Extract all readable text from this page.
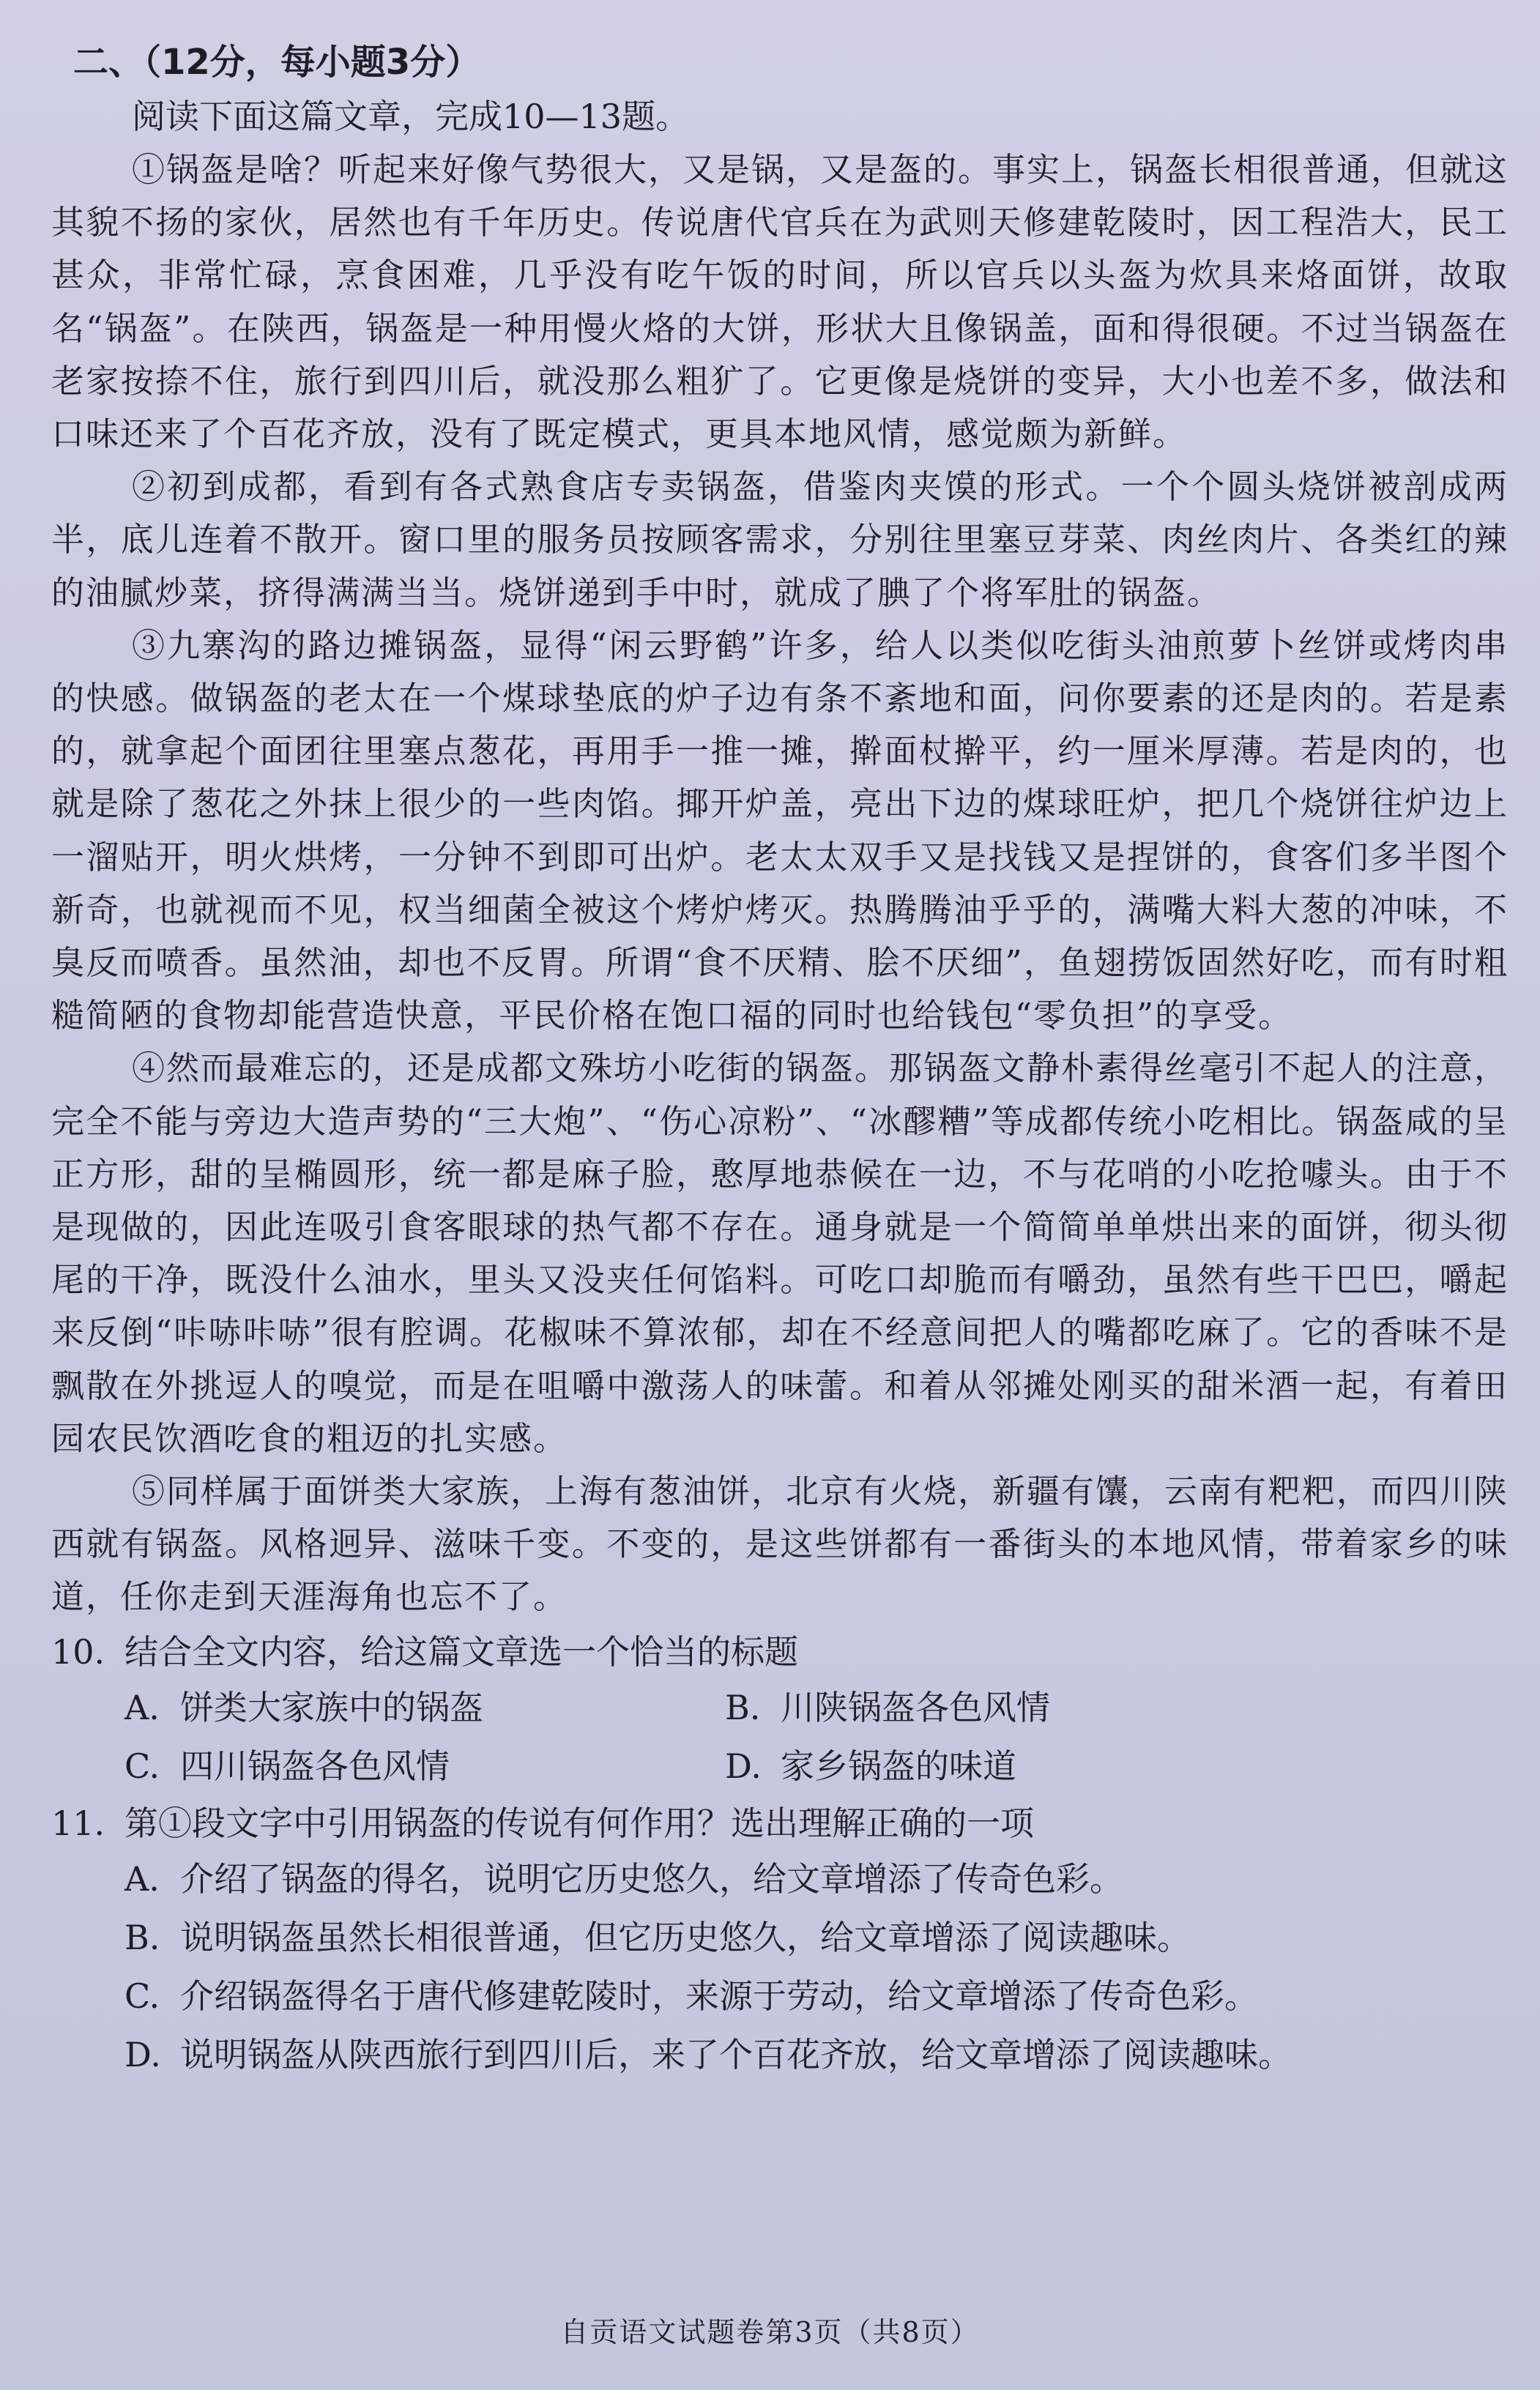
二、（12分，每小题3分）
阅读下面这篇文章，完成10—13题。

①锅盔是啥？听起来好像气势很大，又是锅，又是盔的。事实上，锅盔长相很普通，但就这其貌不扬的家伙，居然也有千年历史。传说唐代官兵在为武则天修建乾陵时，因工程浩大，民工甚众，非常忙碌，烹食困难，几乎没有吃午饭的时间，所以官兵以头盔为炊具来烙面饼，故取名“锅盔”。在陕西，锅盔是一种用慢火烙的大饼，形状大且像锅盖，面和得很硬。不过当锅盔在老家按捺不住，旅行到四川后，就没那么粗犷了。它更像是烧饼的变异，大小也差不多，做法和口味还来了个百花齐放，没有了既定模式，更具本地风情，感觉颇为新鲜。

②初到成都，看到有各式熟食店专卖锅盔，借鉴肉夹馍的形式。一个个圆头烧饼被剖成两半，底儿连着不散开。窗口里的服务员按顾客需求，分别往里塞豆芽菜、肉丝肉片、各类红的辣的油腻炒菜，挤得满满当当。烧饼递到手中时，就成了腆了个将军肚的锅盔。

③九寨沟的路边摊锅盔，显得“闲云野鹤”许多，给人以类似吃街头油煎萝卜丝饼或烤肉串的快感。做锅盔的老太在一个煤球垫底的炉子边有条不紊地和面，问你要素的还是肉的。若是素的，就拿起个面团往里塞点葱花，再用手一推一摊，擀面杖擀平，约一厘米厚薄。若是肉的，也就是除了葱花之外抹上很少的一些肉馅。揶开炉盖，亮出下边的煤球旺炉，把几个烧饼往炉边上一溜贴开，明火烘烤，一分钟不到即可出炉。老太太双手又是找钱又是捏饼的，食客们多半图个新奇，也就视而不见，权当细菌全被这个烤炉烤灭。热腾腾油乎乎的，满嘴大料大葱的冲味，不臭反而喷香。虽然油，却也不反胃。所谓“食不厌精、脍不厌细”，鱼翅捞饭固然好吃，而有时粗糙简陋的食物却能营造快意，平民价格在饱口福的同时也给钱包“零负担”的享受。

④然而最难忘的，还是成都文殊坊小吃街的锅盔。那锅盔文静朴素得丝毫引不起人的注意，完全不能与旁边大造声势的“三大炮”、“伤心凉粉”、“冰醪糟”等成都传统小吃相比。锅盔咸的呈正方形，甜的呈椭圆形，统一都是麻子脸，憨厚地恭候在一边，不与花哨的小吃抢噱头。由于不是现做的，因此连吸引食客眼球的热气都不存在。通身就是一个简简单单烘出来的面饼，彻头彻尾的干净，既没什么油水，里头又没夹任何馅料。可吃口却脆而有嚼劲，虽然有些干巴巴，嚼起来反倒“咔哧咔哧”很有腔调。花椒味不算浓郁，却在不经意间把人的嘴都吃麻了。它的香味不是飘散在外挑逗人的嗅觉，而是在咀嚼中激荡人的味蕾。和着从邻摊处刚买的甜米酒一起，有着田园农民饮酒吃食的粗迈的扎实感。

⑤同样属于面饼类大家族，上海有葱油饼，北京有火烧，新疆有馕，云南有粑粑，而四川陕西就有锅盔。风格迥异、滋味千变。不变的，是这些饼都有一番街头的本地风情，带着家乡的味道，任你走到天涯海角也忘不了。

10. 结合全文内容，给这篇文章选一个恰当的标题
A. 饼类大家族中的锅盔	B. 川陕锅盔各色风情
C. 四川锅盔各色风情	D. 家乡锅盔的味道
11. 第①段文字中引用锅盔的传说有何作用？选出理解正确的一项
A. 介绍了锅盔的得名，说明它历史悠久，给文章增添了传奇色彩。
B. 说明锅盔虽然长相很普通，但它历史悠久，给文章增添了阅读趣味。
C. 介绍锅盔得名于唐代修建乾陵时，来源于劳动，给文章增添了传奇色彩。
D. 说明锅盔从陕西旅行到四川后，来了个百花齐放，给文章增添了阅读趣味。
自贡语文试题卷第3页（共8页）
